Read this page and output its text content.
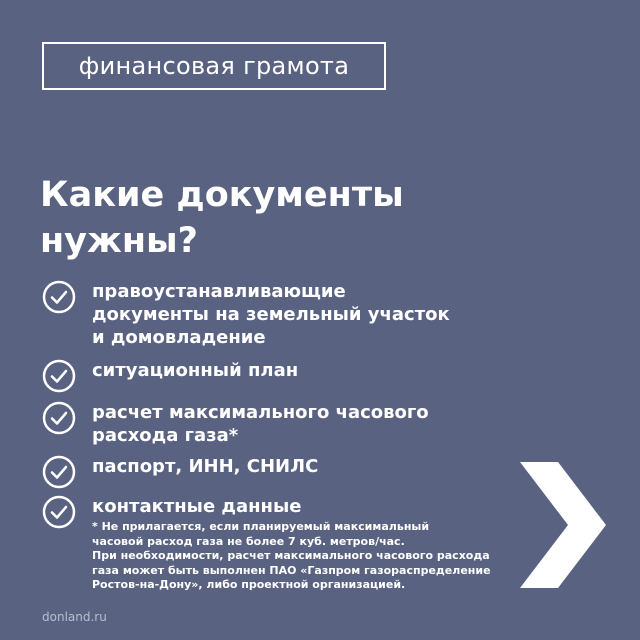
финансовая грамота
Какие документы
нужны?
правоустанавливающие
документы на земельный участок
и домовладение
ситуационный план
расчет максимального часового
расхода газа*
паспорт, ИНН, СНИЛС
контактные данные
* Не прилагается, если планируемый максимальный
часовой расход газа не более 7 куб. метров/час.
При необходимости, расчет максимального часового расхода
газа может быть выполнен ПАО «Газпром газораспределение
Ростов-на-Дону», либо проектной организацией.
donland.ru
